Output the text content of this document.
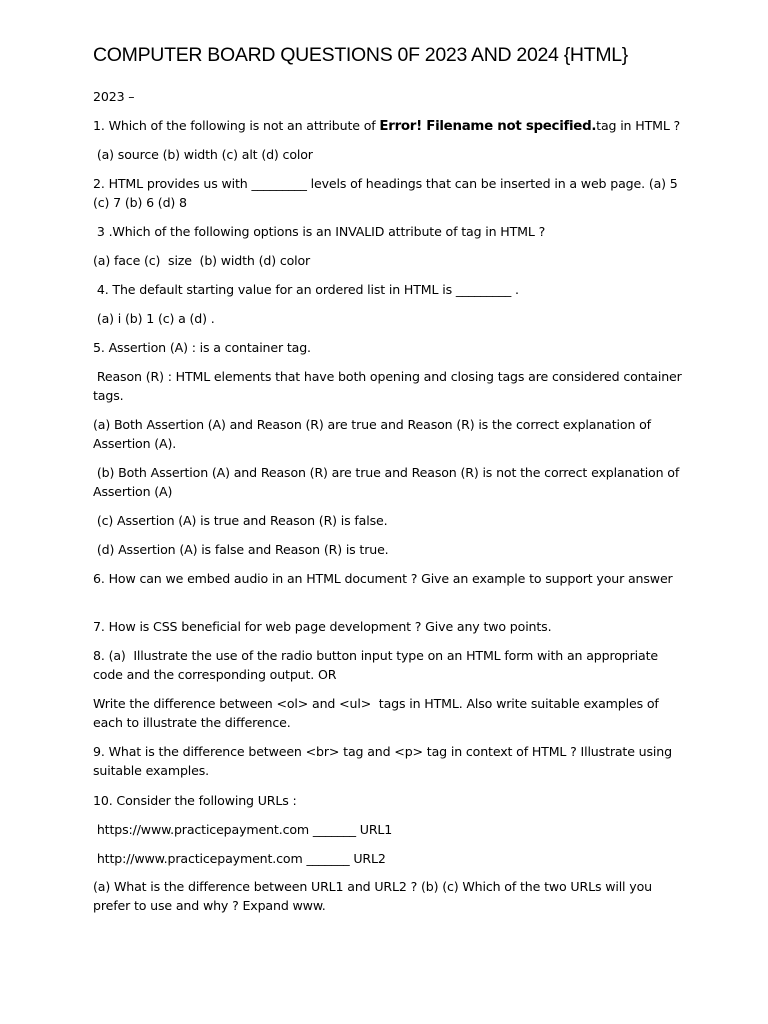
COMPUTER BOARD QUESTIONS 0F 2023 AND 2024 {HTML}
2023 –
1. Which of the following is not an attribute of Error! Filename not specified.tag in HTML ?
(a) source (b) width (c) alt (d) color
2. HTML provides us with _________ levels of headings that can be inserted in a web page. (a) 5 (c) 7 (b) 6 (d) 8
3 .Which of the following options is an INVALID attribute of tag in HTML ?
(a) face (c)  size  (b) width (d) color
4. The default starting value for an ordered list in HTML is _________ .
(a) i (b) 1 (c) a (d) .
5. Assertion (A) : is a container tag.
Reason (R) : HTML elements that have both opening and closing tags are considered container tags.
(a) Both Assertion (A) and Reason (R) are true and Reason (R) is the correct explanation of Assertion (A).
(b) Both Assertion (A) and Reason (R) are true and Reason (R) is not the correct explanation of Assertion (A)
(c) Assertion (A) is true and Reason (R) is false.
(d) Assertion (A) is false and Reason (R) is true.
6. How can we embed audio in an HTML document ? Give an example to support your answer
7. How is CSS beneficial for web page development ? Give any two points.
8. (a)  Illustrate the use of the radio button input type on an HTML form with an appropriate code and the corresponding output. OR
Write the difference between <ol> and <ul>  tags in HTML. Also write suitable examples of each to illustrate the difference.
9. What is the difference between <br> tag and <p> tag in context of HTML ? Illustrate using suitable examples.
10. Consider the following URLs :
https://www.practicepayment.com _______ URL1
http://www.practicepayment.com _______ URL2
(a) What is the difference between URL1 and URL2 ? (b) (c) Which of the two URLs will you prefer to use and why ? Expand www.
